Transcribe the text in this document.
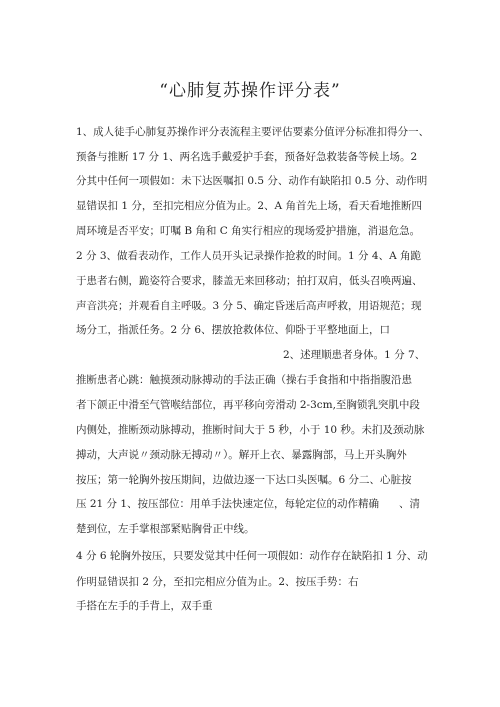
“心肺复苏操作评分表”
1、成人徒手心肺复苏操作评分表流程主要评估要素分值评分标准扣得分一、
预备与推断 17 分 1、两名选手戴爱护手套，预备好急救装备等候上场。2
分其中任何一项假如：未下达医嘱扣 0.5 分、动作有缺陷扣 0.5 分、动作明
显错误扣 1 分，至扣完相应分值为止。2、A 角首先上场，看天看地推断四
周环境是否平安；叮嘱 B 角和 C 角实行相应的现场爱护措施，消退危急。
2 分 3、做看表动作，工作人员开头记录操作抢救的时间。1 分 4、A 角跪
于患者右侧，跪姿符合要求，膝盖无来回移动；拍打双肩，低头召唤两遍、
声音洪亮；并观看自主呼吸。3 分 5、确定昏迷后高声呼救，用语规范；现
场分工，指派任务。2 分 6、摆放抢救体位、仰卧于平整地面上，口
2、述理顺患者身体。1 分 7、
推断患者心跳：触摸颈动脉搏动的手法正确（操右手食指和中指指腹沿患
者下颌正中滑至气管喉结部位，再平移向旁滑动 2-3cm,至胸锁乳突肌中段
内侧处，推断颈动脉搏动，推断时间大于 5 秒，小于 10 秒。未扪及颈动脉
搏动，大声说〃颈动脉无搏动〃）。解开上衣、暴露胸部，马上开头胸外
按压；第一轮胸外按压期间，边做边逐一下达口头医嘱。6 分二、心脏按
压 21 分 1、按压部位：用单手法快速定位，每轮定位的动作精确 、清
楚到位，左手掌根部紧贴胸骨正中线。
4 分 6 轮胸外按压，只要发觉其中任何一项假如：动作存在缺陷扣 1 分、动
作明显错误扣 2 分，至扣完相应分值为止。2、按压手势：右
手搭在左手的手背上，双手重
